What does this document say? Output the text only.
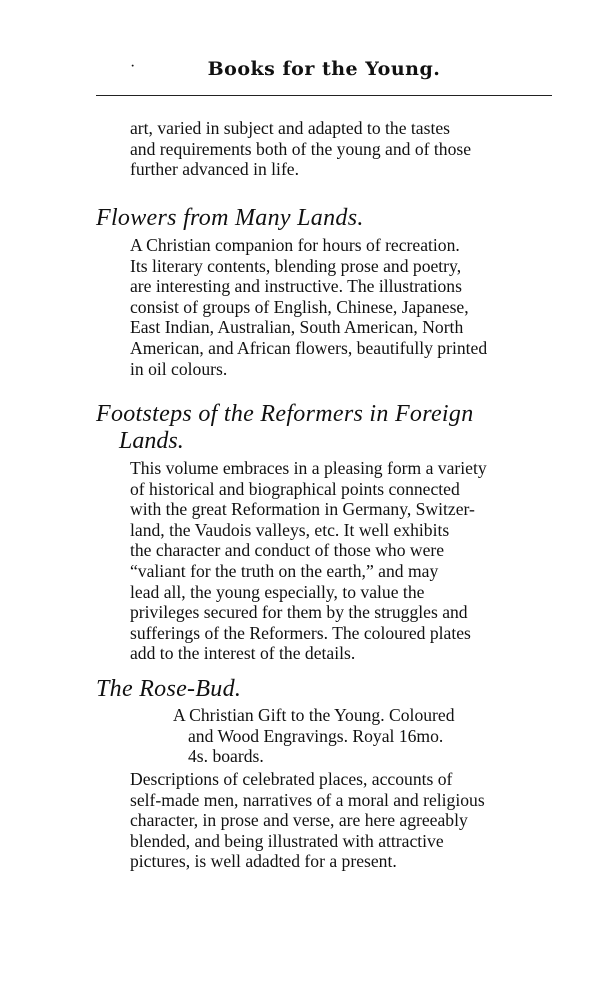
·	Books for the Young.
art, varied in subject and adapted to the tastes
and requirements both of the young and of those
further advanced in life.
Flowers from Many Lands.
A Christian companion for hours of recreation.
Its literary contents, blending prose and poetry,
are interesting and instructive. The illustrations
consist of groups of English, Chinese, Japanese,
East Indian, Australian, South American, North
American, and African flowers, beautifully printed
in oil colours.
Footsteps of the Reformers in Foreign
Lands.
This volume embraces in a pleasing form a variety
of historical and biographical points connected
with the great Reformation in Germany, Switzer-
land, the Vaudois valleys, etc. It well exhibits
the character and conduct of those who were
“valiant for the truth on the earth,” and may
lead all, the young especially, to value the
privileges secured for them by the struggles and
sufferings of the Reformers. The coloured plates
add to the interest of the details.
The Rose-Bud.
A Christian Gift to the Young. Coloured
and Wood Engravings. Royal 16mo.
4s. boards.
Descriptions of celebrated places, accounts of
self-made men, narratives of a moral and religious
character, in prose and verse, are here agreeably
blended, and being illustrated with attractive
pictures, is well adadted for a present.
